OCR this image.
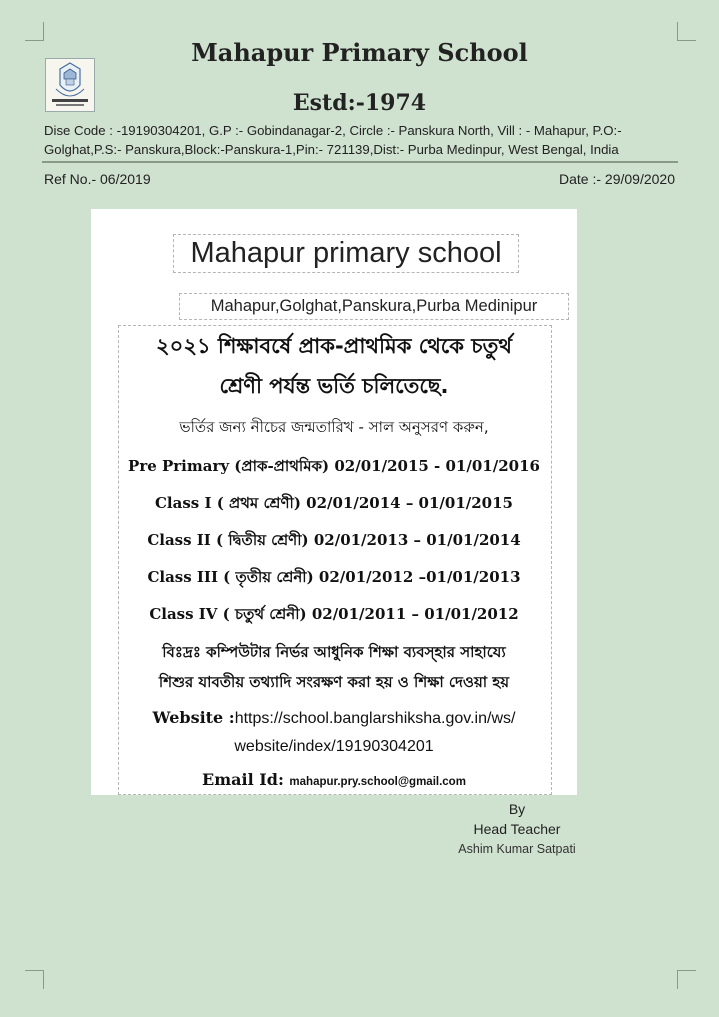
Mahapur Primary School
Estd:-1974
Dise Code : -19190304201, G.P :- Gobindanagar-2, Circle :- Panskura North, Vill : - Mahapur, P.O:-
Golghat,P.S:- Panskura,Block:-Panskura-1,Pin:- 721139,Dist:- Purba Medinpur, West Bengal, India
Ref No.- 06/2019	Date :- 29/09/2020
Mahapur primary school
Mahapur,Golghat,Panskura,Purba Medinipur
২০২১ শিক্ষাবর্ষে প্রাক-প্রাথমিক থেকে চতুর্থ
শ্রেণী পর্যন্ত ভর্তি চলিতেছে.
ভর্তির জন্য নীচের জন্মতারিখ - সাল অনুসরণ করুন,
Pre Primary (প্রাক-প্রাথমিক) 02/01/2015 - 01/01/2016
Class I ( প্রথম শ্রেণী) 02/01/2014 – 01/01/2015
Class II ( দ্বিতীয় শ্রেণী) 02/01/2013 – 01/01/2014
Class III ( তৃতীয় শ্রেনী) 02/01/2012 –01/01/2013
Class IV ( চতুর্থ শ্রেনী) 02/01/2011 – 01/01/2012
বিঃদ্রঃ কম্পিউটার নির্ভর আধুনিক শিক্ষা ব্যবস্হার সাহায্যে
শিশুর যাবতীয় তথ্যাদি সংরক্ষণ করা হয় ও শিক্ষা দেওয়া হয়
Website :https://school.banglarshiksha.gov.in/ws/
website/index/19190304201
Email Id: mahapur.pry.school@gmail.com
By
Head Teacher
Ashim Kumar Satpati
